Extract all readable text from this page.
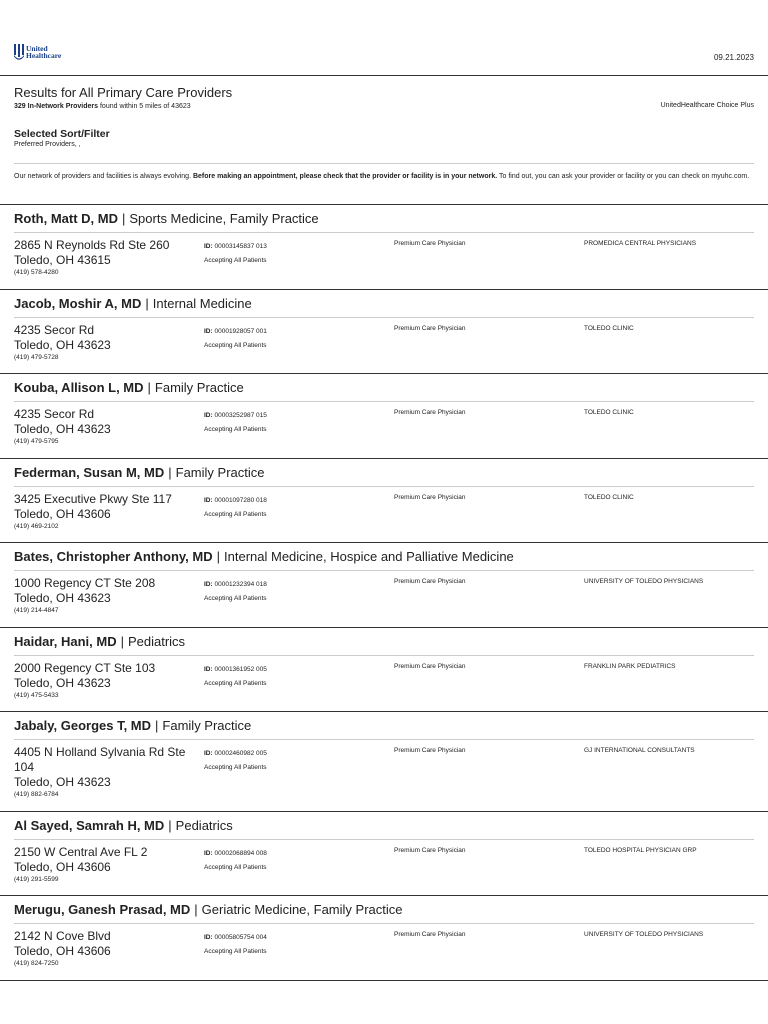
United
Healthcare	09.21.2023
Results for All Primary Care Providers
329 In-Network Providers found within 5 miles of 43623	UnitedHealthcare Choice Plus
Selected Sort/Filter
Preferred Providers, ,
Our network of providers and facilities is always evolving. Before making an appointment, please check that the provider or facility is in your network. To find out, you can ask your provider or facility or you can check on myuhc.com.
Roth, Matt D, MD | Sports Medicine, Family Practice
2865 N Reynolds Rd Ste 260
Toledo, OH 43615
(419) 578-4280
ID: 00003145837 013
Accepting All Patients
Premium Care Physician	PROMEDICA CENTRAL PHYSICIANS
Jacob, Moshir A, MD | Internal Medicine
4235 Secor Rd
Toledo, OH 43623
(419) 479-5728
ID: 00001928057 001
Accepting All Patients
Premium Care Physician	TOLEDO CLINIC
Kouba, Allison L, MD | Family Practice
4235 Secor Rd
Toledo, OH 43623
(419) 479-5795
ID: 00003252987 015
Accepting All Patients
Premium Care Physician	TOLEDO CLINIC
Federman, Susan M, MD | Family Practice
3425 Executive Pkwy Ste 117
Toledo, OH 43606
(419) 469-2102
ID: 00001097280 018
Accepting All Patients
Premium Care Physician	TOLEDO CLINIC
Bates, Christopher Anthony, MD | Internal Medicine, Hospice and Palliative Medicine
1000 Regency CT Ste 208
Toledo, OH 43623
(419) 214-4847
ID: 00001232394 018
Accepting All Patients
Premium Care Physician	UNIVERSITY OF TOLEDO PHYSICIANS
Haidar, Hani, MD | Pediatrics
2000 Regency CT Ste 103
Toledo, OH 43623
(419) 475-5433
ID: 00001361952 005
Accepting All Patients
Premium Care Physician	FRANKLIN PARK PEDIATRICS
Jabaly, Georges T, MD | Family Practice
4405 N Holland Sylvania Rd Ste 104
Toledo, OH 43623
(419) 882-6784
ID: 00002460982 005
Accepting All Patients
Premium Care Physician	GJ INTERNATIONAL CONSULTANTS
Al Sayed, Samrah H, MD | Pediatrics
2150 W Central Ave FL 2
Toledo, OH 43606
(419) 291-5599
ID: 00002068894 008
Accepting All Patients
Premium Care Physician	TOLEDO HOSPITAL PHYSICIAN GRP
Merugu, Ganesh Prasad, MD | Geriatric Medicine, Family Practice
2142 N Cove Blvd
Toledo, OH 43606
(419) 824-7250
ID: 00005805754 004
Accepting All Patients
Premium Care Physician	UNIVERSITY OF TOLEDO PHYSICIANS
